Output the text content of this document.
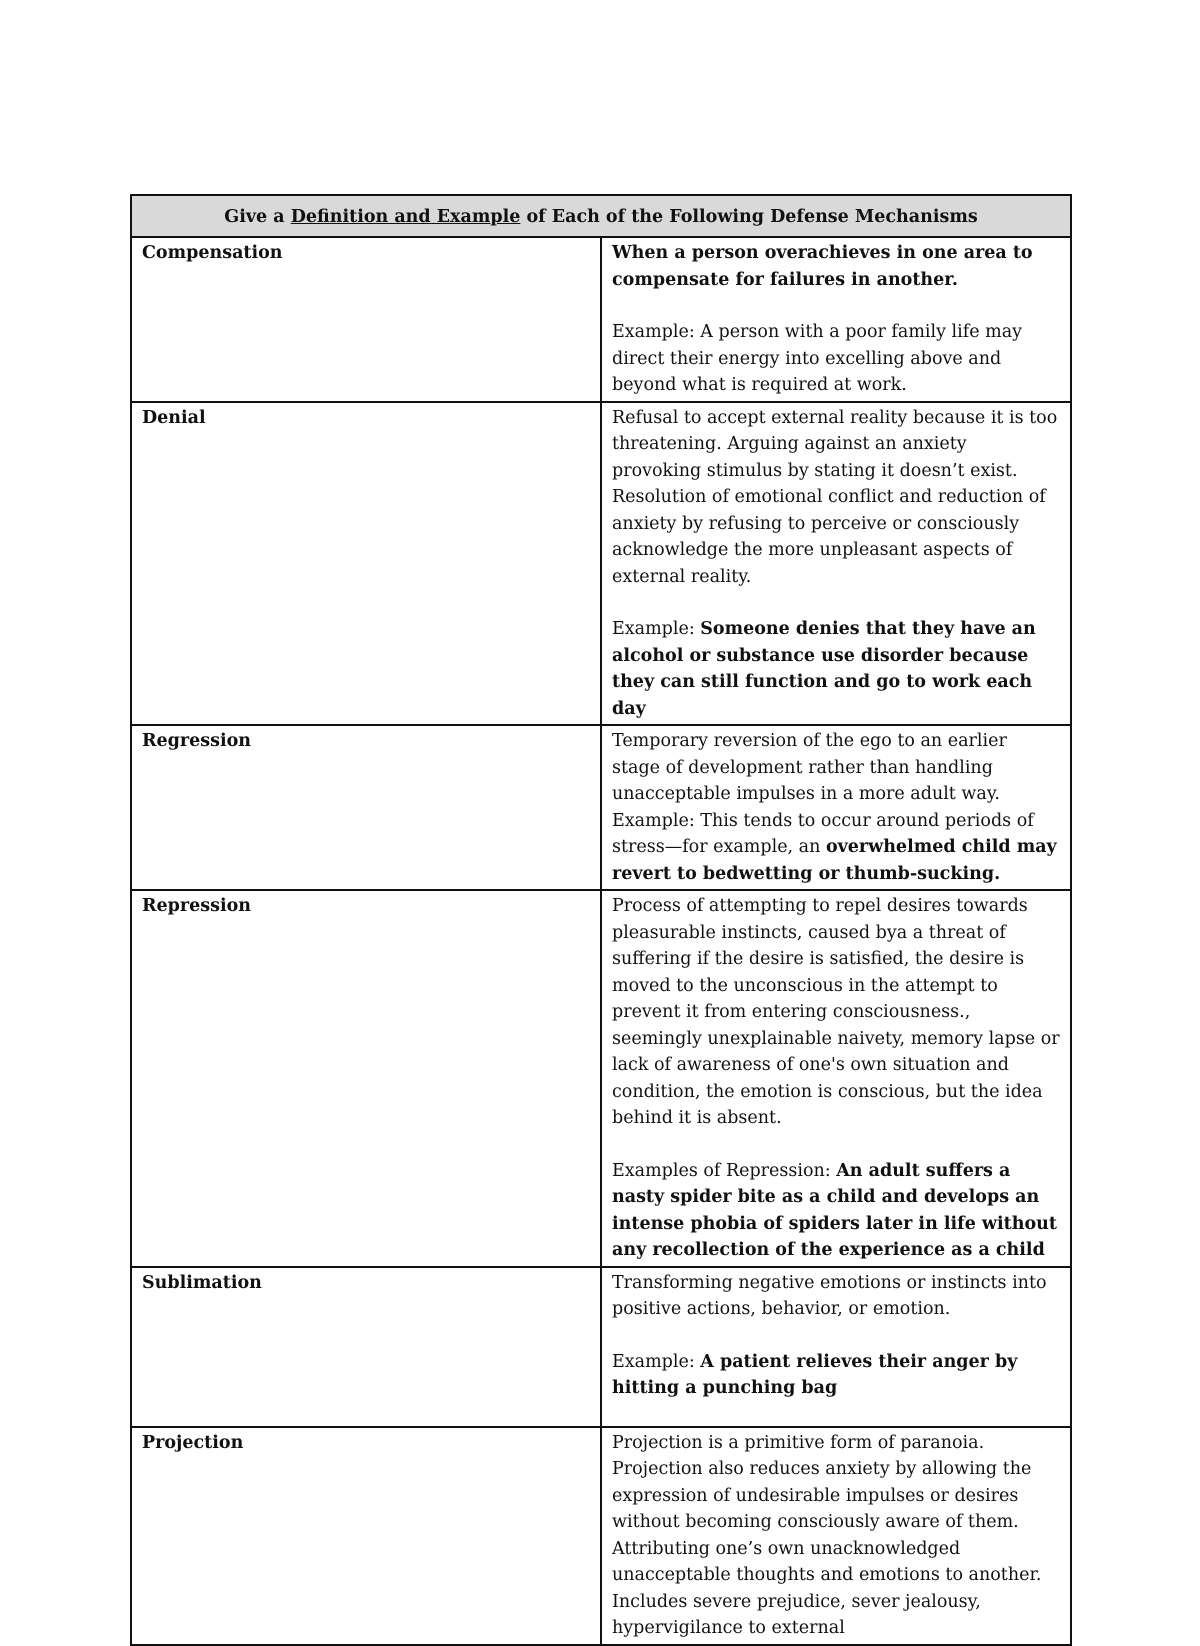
Give a Definition and Example of Each of the Following Defense Mechanisms	
Compensation	When a person overachieves in one area to compensate for failures in another.

Example: A person with a poor family life may direct their energy into excelling above and beyond what is required at work.

Denial	Refusal to accept external reality because it is too threatening. Arguing against an anxiety provoking stimulus by stating it doesn’t exist. Resolution of emotional conflict and reduction of anxiety by refusing to perceive or consciously acknowledge the more unpleasant aspects of external reality.

Example: Someone denies that they have an alcohol or substance use disorder because they can still function and go to work each day

Regression	Temporary reversion of the ego to an earlier stage of development rather than handling unacceptable impulses in a more adult way.

Example: This tends to occur around periods of stress—for example, an overwhelmed child may revert to bedwetting or thumb-sucking.

Repression	Process of attempting to repel desires towards pleasurable instincts, caused bya a threat of suffering if the desire is satisfied, the desire is moved to the unconscious in the attempt to prevent it from entering consciousness., seemingly unexplainable naivety, memory lapse or lack of awareness of one's own situation and condition, the emotion is conscious, but the idea behind it is absent.

Examples of Repression: An adult suffers a nasty spider bite as a child and develops an intense phobia of spiders later in life without any recollection of the experience as a child

Sublimation	Transforming negative emotions or instincts into positive actions, behavior, or emotion.

Example: A patient relieves their anger by hitting a punching bag

Projection	Projection is a primitive form of paranoia. Projection also reduces anxiety by allowing the expression of undesirable impulses or desires without becoming consciously aware of them. Attributing one’s own unacknowledged unacceptable thoughts and emotions to another. Includes severe prejudice, sever jealousy, hypervigilance to external
